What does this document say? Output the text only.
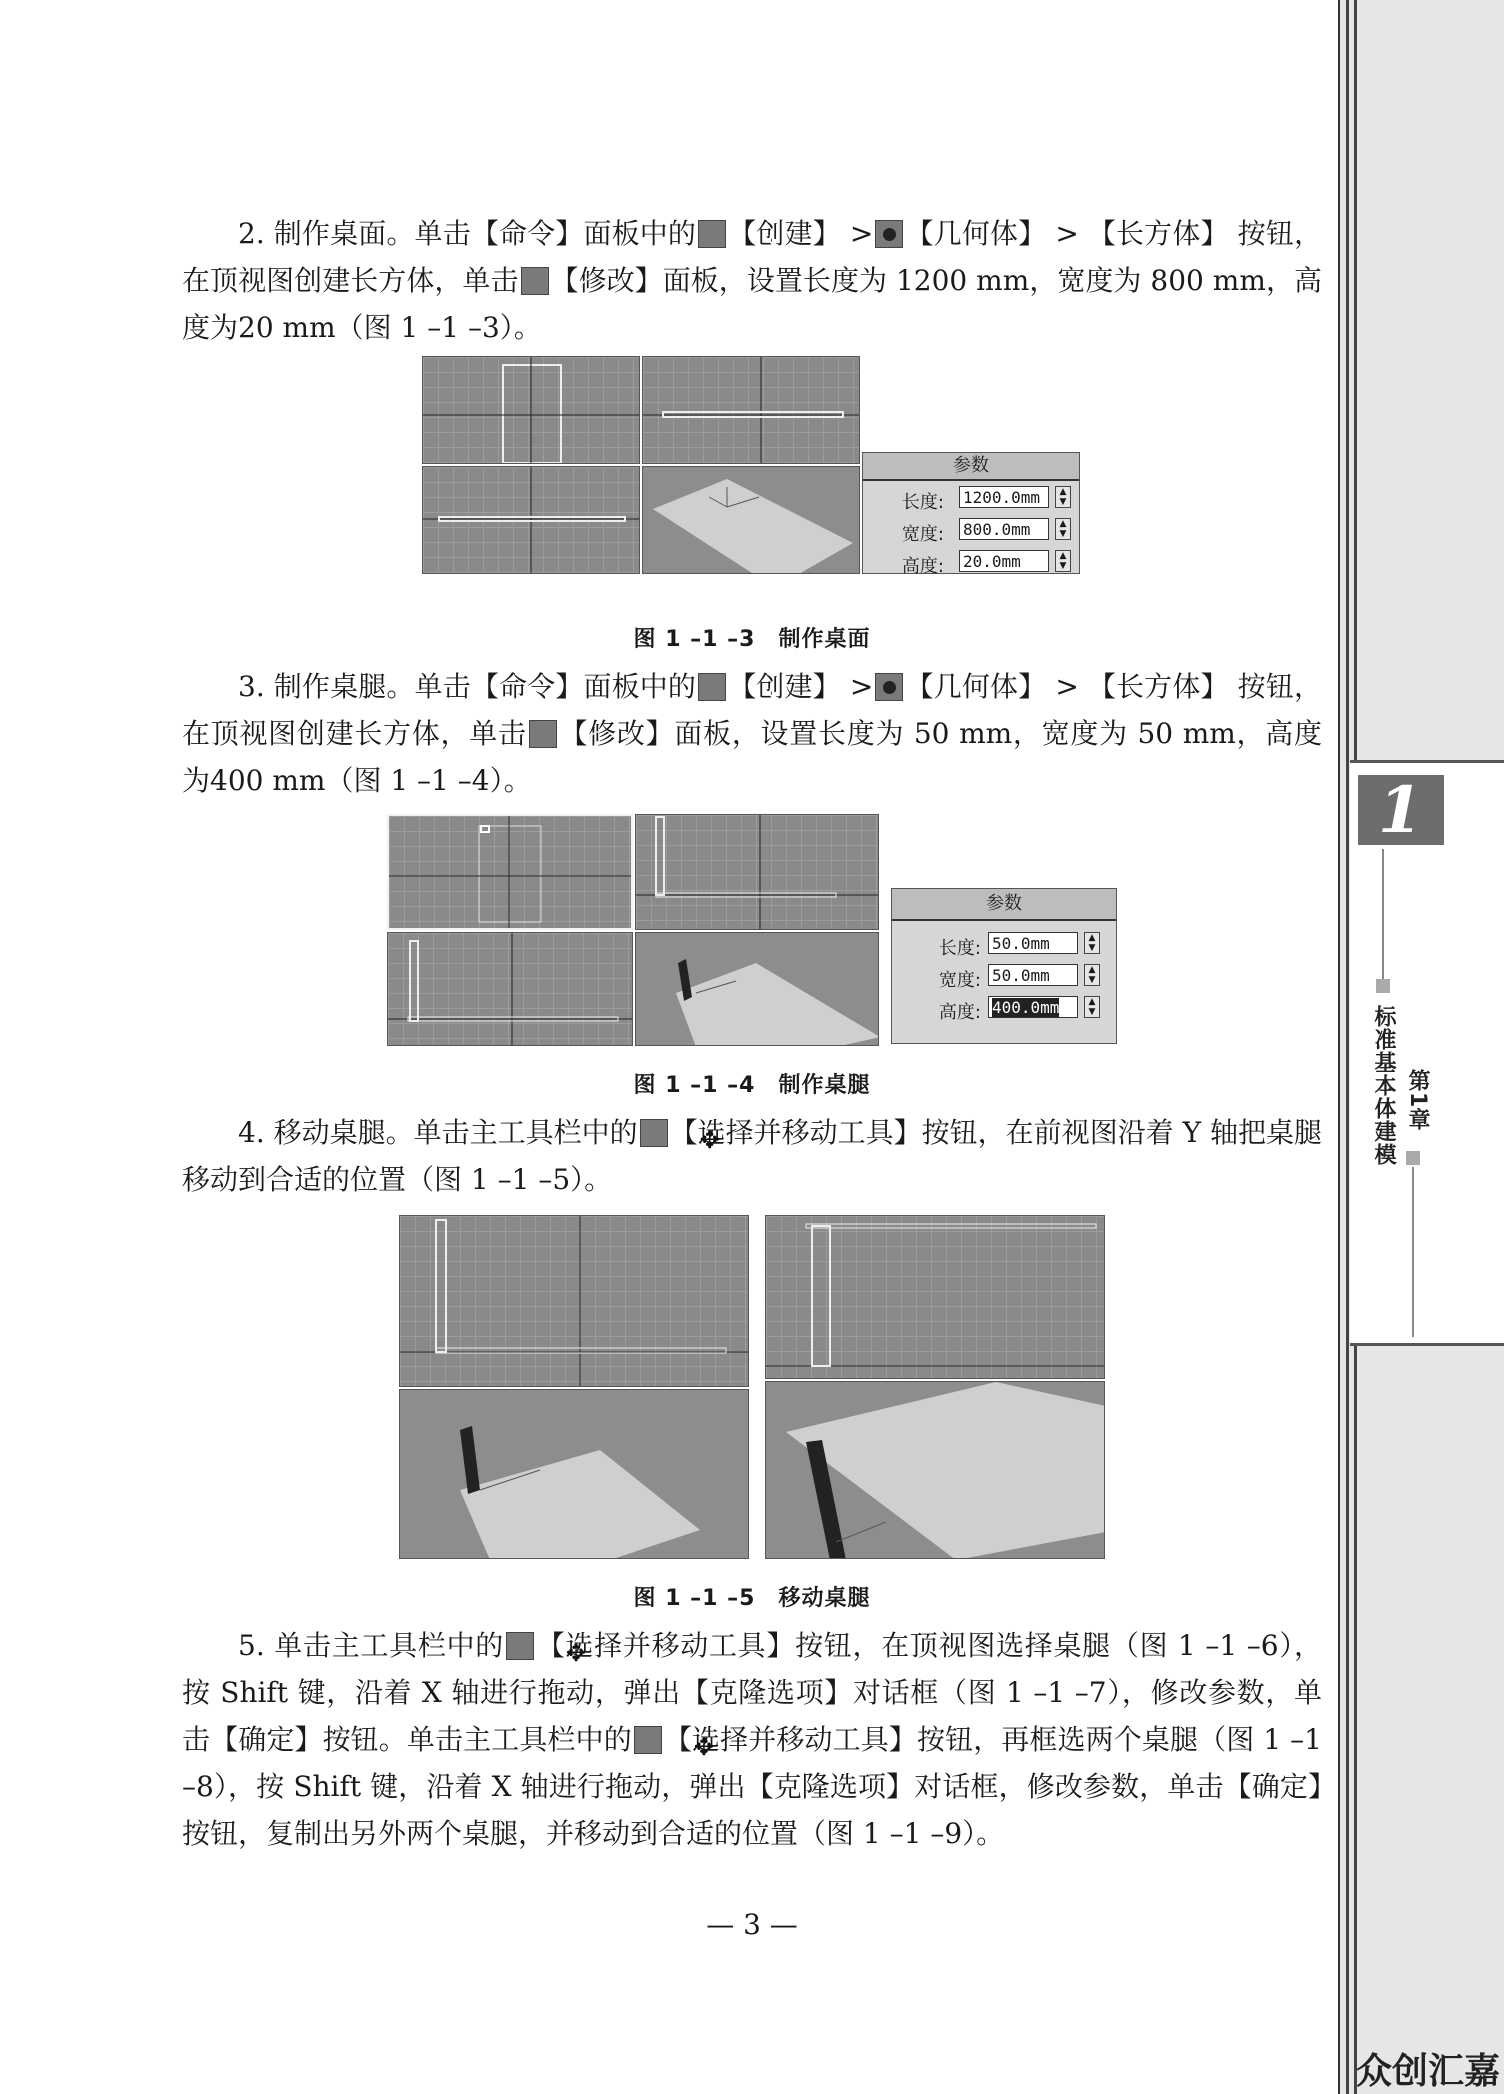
2. 制作桌面。单击【命令】面板中的 ↖ 【创建】 > 【几何体】 > 【长方体】 按钮，在顶视图创建长方体，单击 ◜ 【修改】面板，设置长度为 1200 mm，宽度为 800 mm，高度为20 mm（图 1 –1 –3）。

参数
长度: 1200.0mm	▲
▼
宽度: 800.0mm	▲
▼
高度: 20.0mm	▲
▼
图 1 –1 –3　制作桌面

3. 制作桌腿。单击【命令】面板中的 ↖ 【创建】 > 【几何体】 > 【长方体】 按钮，在顶视图创建长方体，单击 ◜ 【修改】面板，设置长度为 50 mm，宽度为 50 mm，高度为400 mm（图 1 –1 –4）。

参数
长度: 50.0mm	▲
▼
宽度: 50.0mm	▲
▼
高度: 400.0mm	▲
▼
图 1 –1 –4　制作桌腿

4. 移动桌腿。单击主工具栏中的 ✥ 【选择并移动工具】按钮，在前视图沿着 Y 轴把桌腿移动到合适的位置（图 1 –1 –5）。

图 1 –1 –5　移动桌腿

5. 单击主工具栏中的 ✥ 【选择并移动工具】按钮，在顶视图选择桌腿（图 1 –1 –6），按 Shift 键，沿着 X 轴进行拖动，弹出【克隆选项】对话框（图 1 –1 –7），修改参数，单击【确定】按钮。单击主工具栏中的 ✥ 【选择并移动工具】按钮，再框选两个桌腿（图 1 –1 –8），按 Shift 键，沿着 X 轴进行拖动，弹出【克隆选项】对话框，修改参数，单击【确定】按钮，复制出另外两个桌腿，并移动到合适的位置（图 1 –1 –9）。

— 3 —
1
标准基本体建模 第1章
众创汇嘉
